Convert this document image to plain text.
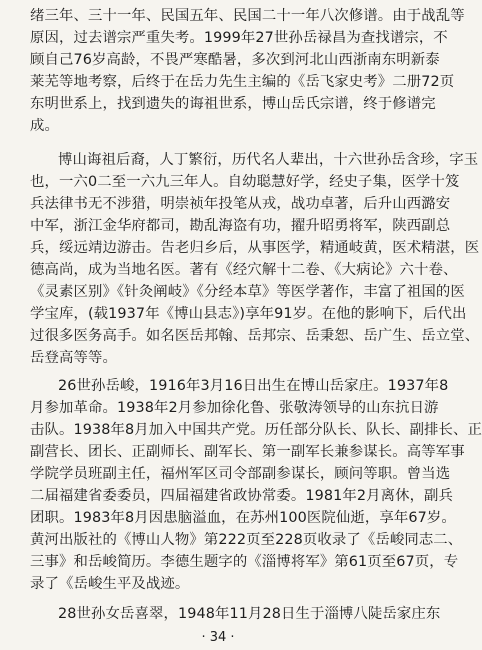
绪三年、三十一年、民国五年、民国二十一年八次修谱。由于战乱等
原因，过去谱宗严重失考。1999年27世孙岳禄昌为查找谱宗，不
顾自己76岁高龄，不畏严寒酷暑，多次到河北山西浙南东明新泰
莱芜等地考察，后终于在岳力先生主编的《岳飞家史考》二册72页
东明世系上，找到遗失的诲祖世系，博山岳氏宗谱，终于修谱完
成。
博山诲祖后裔，人丁繁衍，历代名人辈出，十六世孙岳含珍，字玉
也，一六0二至一六九三年人。自幼聪慧好学，经史子集，医学十笈
兵法律书无不涉猎，明崇祯年投笔从戎，战功卓著，后升山西潞安
中军，浙江金华府都司，勘乱海盗有功，擢升昭勇将军，陕西副总
兵，绥远靖边游击。告老归乡后，从事医学，精通岐黄，医术精湛，医
德高尚，成为当地名医。著有《经穴解十二卷、《大病论》六十卷、
《灵素区别》《针灸阐岐》《分经本草》等医学著作，丰富了祖国的医
学宝库，(载1937年《博山县志》)享年91岁。在他的影响下，后代出
过很多医务高手。如名医岳邦翰、岳邦宗、岳秉恕、岳广生、岳立堂、
岳登高等等。
26世孙岳峻，1916年3月16日出生在博山岳家庄。1937年8
月参加革命。1938年2月参加徐化鲁、张敬涛领导的山东抗日游
击队。1938年8月加入中国共产党。历任部分队长、队长、副排长、正
副营长、团长、正副师长、副军长、第一副军长兼参谋长。高等军事
学院学员班副主任，福州军区司令部副参谋长，顾问等职。曾当选
二届福建省委委员，四届福建省政协常委。1981年2月离休，副兵
团职。1983年8月因患脑溢血，在苏州100医院仙逝，享年67岁。
黄河出版社的《博山人物》第222页至228页收录了《岳峻同志二、
三事》和岳峻简历。李德生题字的《淄博将军》第61页至67页，专
录了《岳峻生平及战迹。
28世孙女岳喜翠，1948年11月28日生于淄博八陡岳家庄东
· 34 ·
